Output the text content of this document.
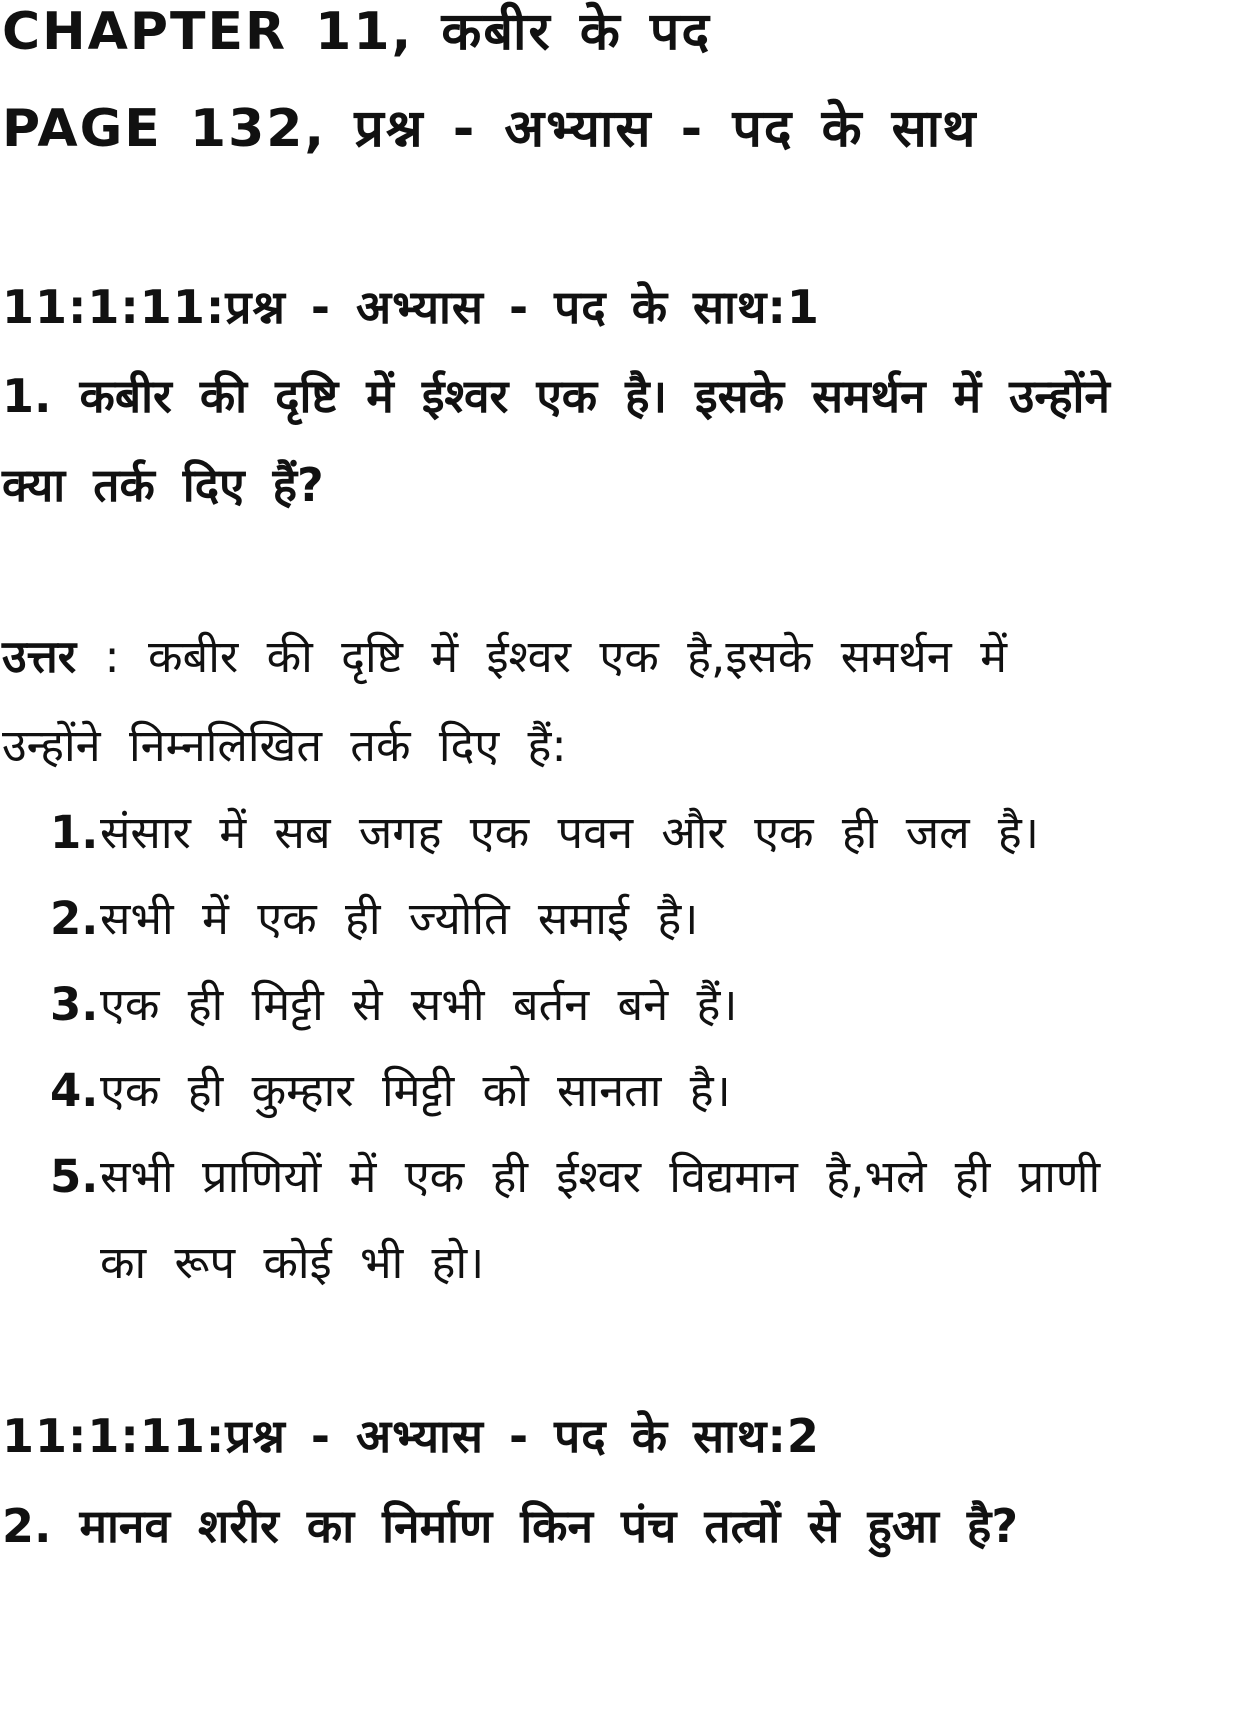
CHAPTER 11, कबीर के पद
PAGE 132, प्रश्न - अभ्यास - पद के साथ
11:1:11:प्रश्न - अभ्यास - पद के साथ:1
1. कबीर की दृष्टि में ईश्वर एक है। इसके समर्थन में उन्होंने
क्या तर्क दिए हैं?
उत्तर : कबीर की दृष्टि में ईश्वर एक है,इसके समर्थन में
उन्होंने निम्नलिखित तर्क दिए हैं:
1.संसार में सब जगह एक पवन और एक ही जल है।
2.सभी में एक ही ज्योति समाई है।
3.एक ही मिट्टी से सभी बर्तन बने हैं।
4.एक ही कुम्हार मिट्टी को सानता है।
5.सभी प्राणियों में एक ही ईश्वर विद्यमान है,भले ही प्राणी
का रूप कोई भी हो।
11:1:11:प्रश्न - अभ्यास - पद के साथ:2
2. मानव शरीर का निर्माण किन पंच तत्वों से हुआ है?
